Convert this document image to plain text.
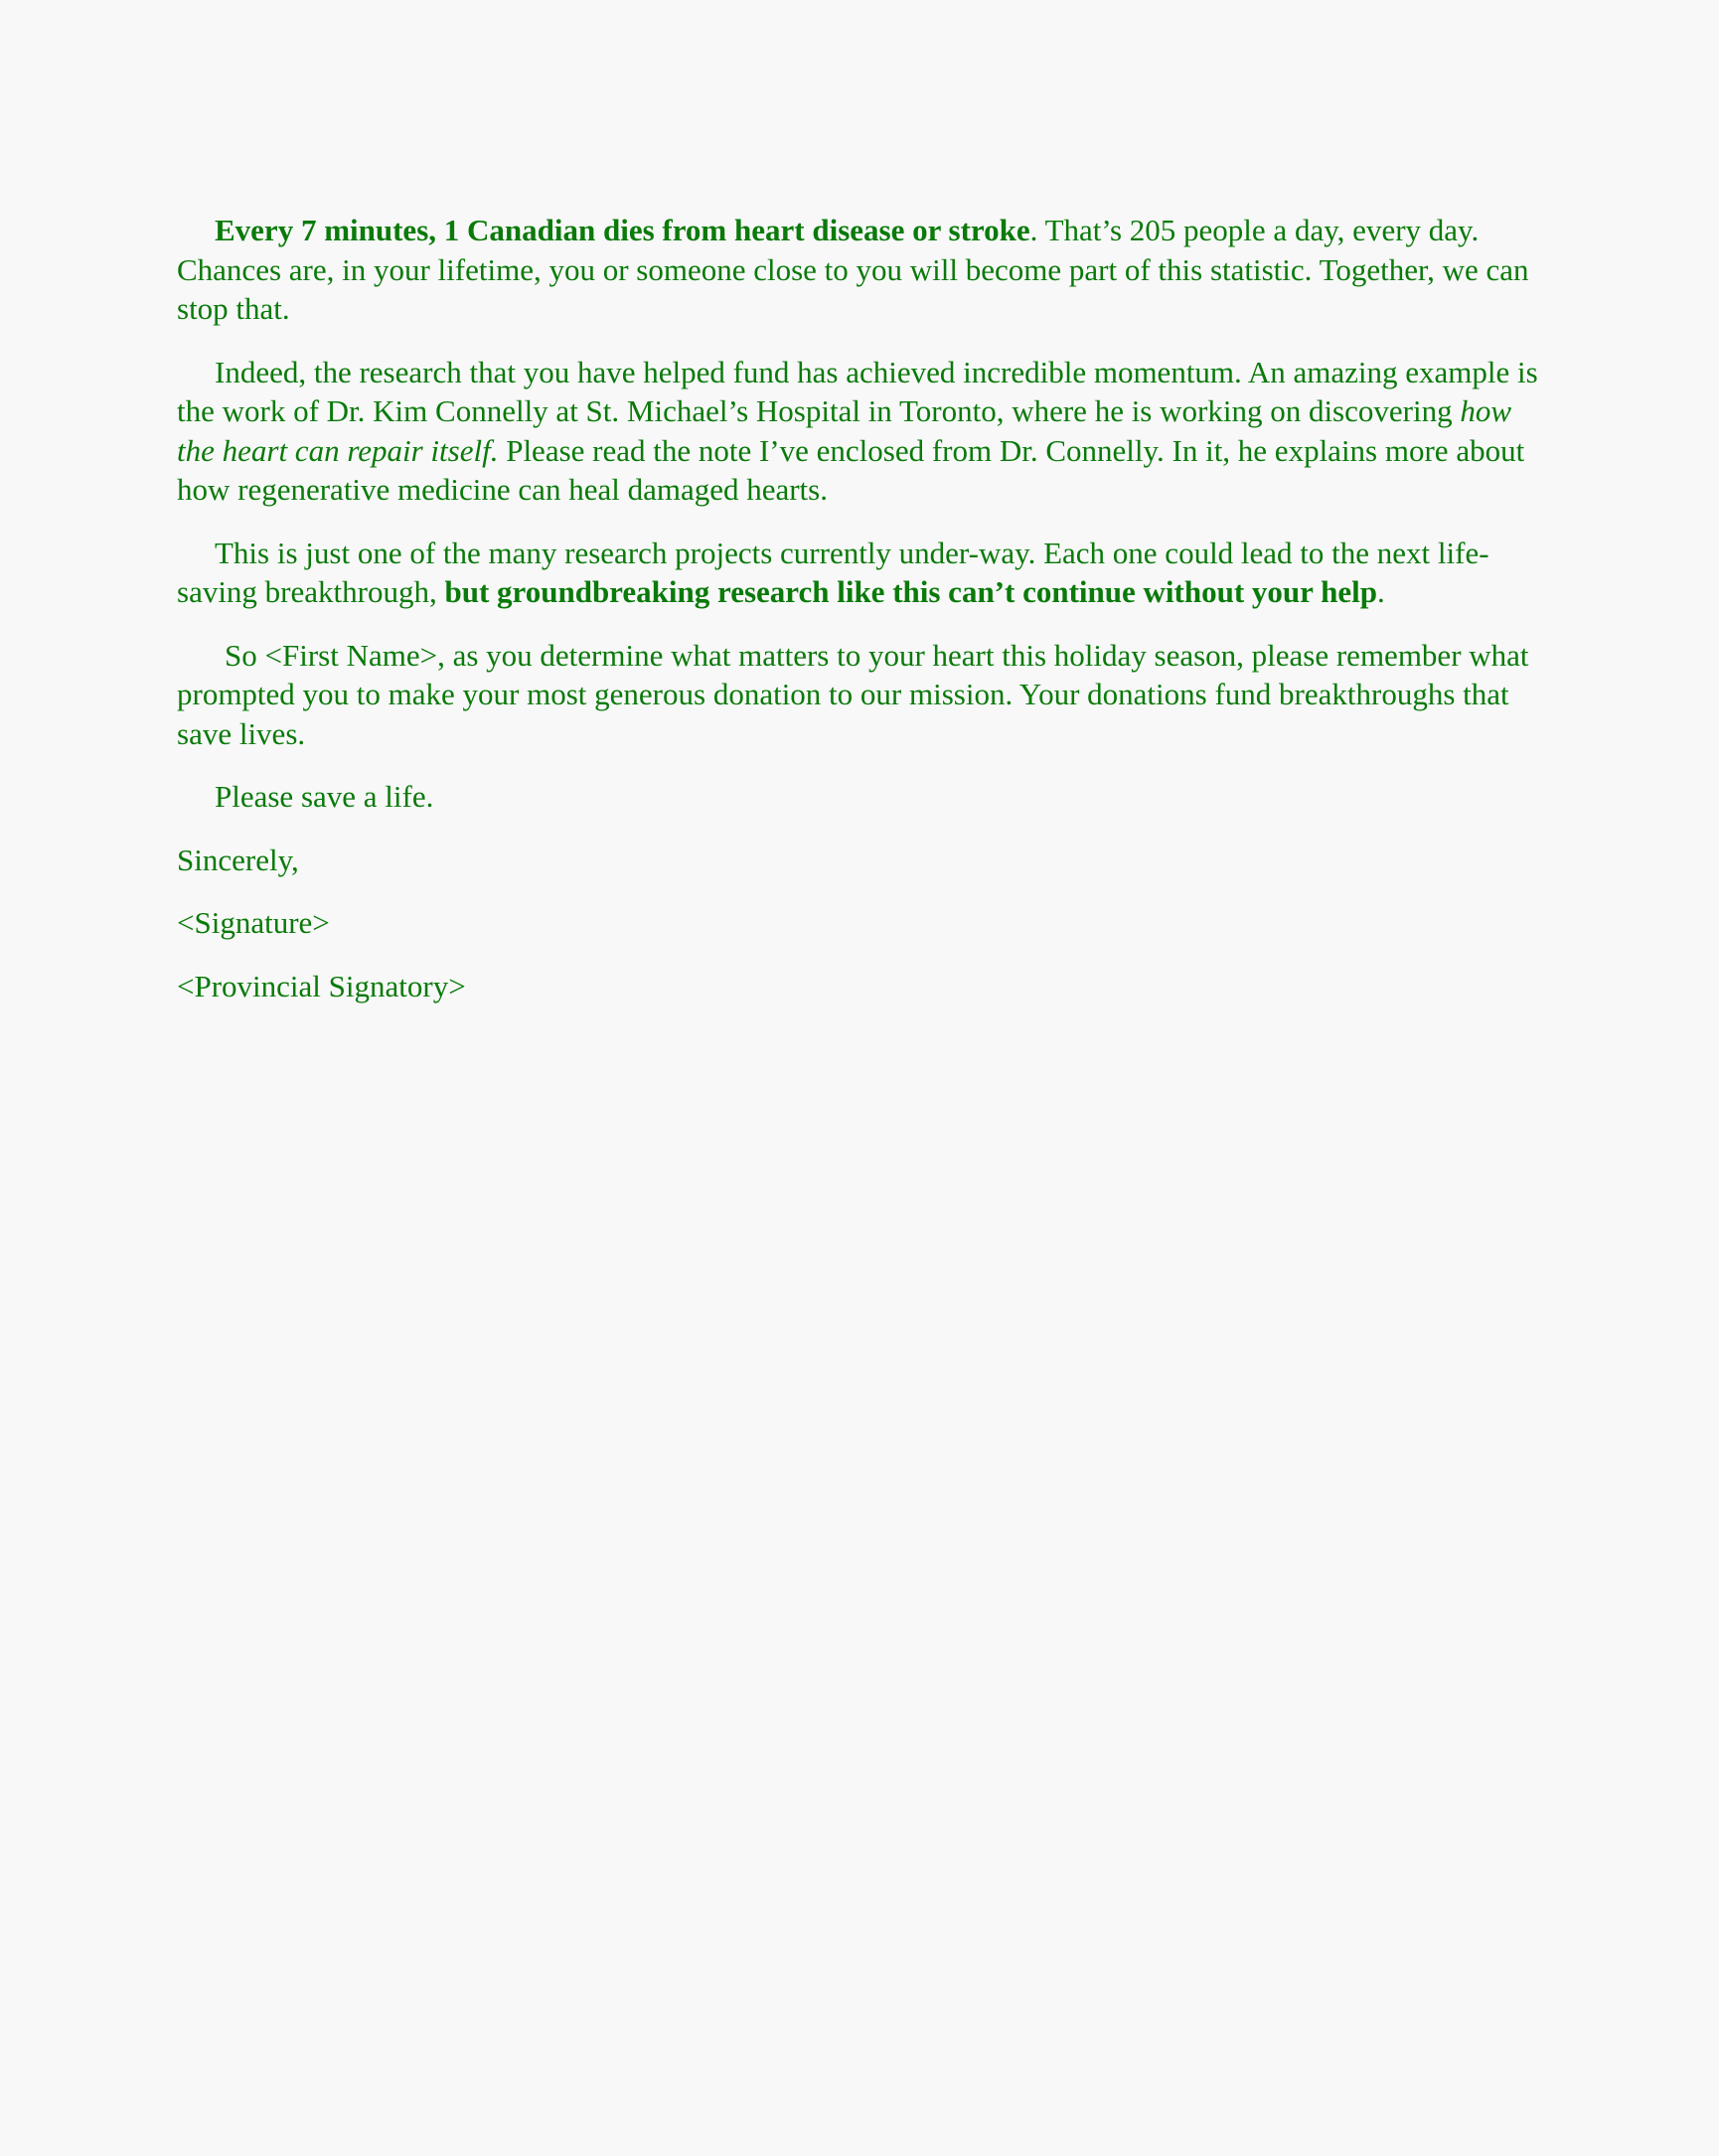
Every 7 minutes, 1 Canadian dies from heart disease or stroke. That’s 205 people a day, every day. Chances are, in your lifetime, you or someone close to you will become part of this statistic. Together, we can stop that.

Indeed, the research that you have helped fund has achieved incredible momentum. An amazing example is the work of Dr. Kim Connelly at St. Michael’s Hospital in Toronto, where he is working on discovering how the heart can repair itself. Please read the note I’ve enclosed from Dr. Connelly. In it, he explains more about how regenerative medicine can heal damaged hearts.

This is just one of the many research projects currently under-way. Each one could lead to the next life-saving breakthrough, but groundbreaking research like this can’t continue without your help.

So <First Name>, as you determine what matters to your heart this holiday season, please remember what prompted you to make your most generous donation to our mission. Your donations fund breakthroughs that save lives.

Please save a life.

Sincerely,

<Signature>

<Provincial Signatory>
